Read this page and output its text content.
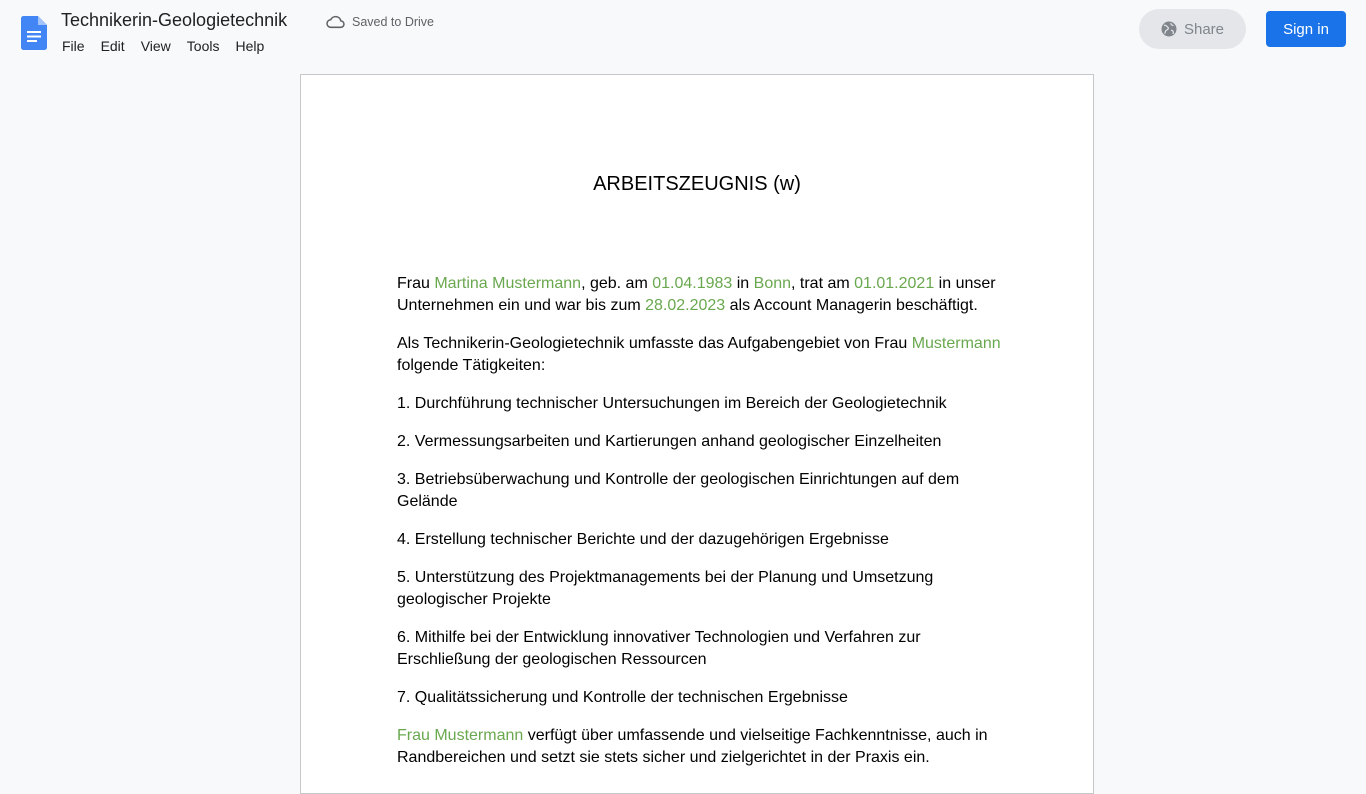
Technikerin-Geologietechnik	Saved to Drive
File	Edit	View	Tools	Help
Share	Sign in
ARBEITSZEUGNIS (w)

Frau Martina Mustermann, geb. am 01.04.1983 in Bonn, trat am 01.01.2021 in unser Unternehmen ein und war bis zum 28.02.2023 als Account Managerin beschäftigt.

Als Technikerin-Geologietechnik umfasste das Aufgabengebiet von Frau Mustermann folgende Tätigkeiten:

1. Durchführung technischer Untersuchungen im Bereich der Geologietechnik

2. Vermessungsarbeiten und Kartierungen anhand geologischer Einzelheiten

3. Betriebsüberwachung und Kontrolle der geologischen Einrichtungen auf dem Gelände

4. Erstellung technischer Berichte und der dazugehörigen Ergebnisse

5. Unterstützung des Projektmanagements bei der Planung und Umsetzung geologischer Projekte

6. Mithilfe bei der Entwicklung innovativer Technologien und Verfahren zur Erschließung der geologischen Ressourcen

7. Qualitätssicherung und Kontrolle der technischen Ergebnisse

Frau Mustermann verfügt über umfassende und vielseitige Fachkenntnisse, auch in Randbereichen und setzt sie stets sicher und zielgerichtet in der Praxis ein.
